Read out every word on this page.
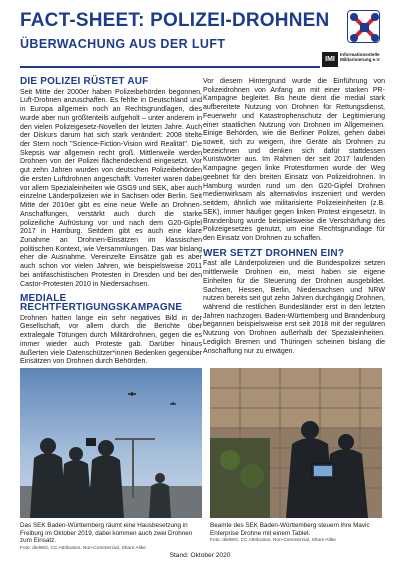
FACT-SHEET: POLIZEI-DROHNEN
ÜBERWACHUNG AUS DER LUFT
IMI
Informationsstelle
Militarisierung e.V.
DIE POLIZEI RÜSTET AUF
Seit Mitte der 2000er haben Polizeibehörden begonnen, Luft-Drohnen anzuschaffen. Es fehlte in Deutschland und in Europa allgemein noch an Rechtsgrundlagen, dies wurde aber nun größtenteils aufgeholt – unter anderem in den vielen Polizeigesetz-Novellen der letzten Jahre. Auch der Diskurs darum hat sich stark verändert: 2008 titelte der Stern noch "Science-Fiction-Vision wird Realität". Die Skepsis war allgemein recht groß. Mittlerweile werden Drohnen von der Polizei flächendeckend eingesetzt. Vor gut zehn Jahren wurden von deutschen Polizeibehörden die ersten Luftdrohnen angeschafft. Vorreiter waren dabei vor allem Spezialeinheiten wie GSG9 und SEK, aber auch einzelne Länderpolizeien wie in Sachsen oder Berlin. Seit Mitte der 2010er gibt es eine neue Welle an Drohnen-Anschaffungen, verstärkt auch durch die starke polizeiliche Aufrüstung vor und nach dem G20-Gipfel 2017 in Hamburg. Seitdem gibt es auch eine klare Zunahme an Drohnen-Einsätzen im klassischen politischen Kontext, wie Versammlungen. Das war bislang eher die Ausnahme. Vereinzelte Einsätze gab es aber auch schon vor vielen Jahren, wie beispielsweise 2011 bei antifaschistischen Protesten in Dresden und bei den Castor-Protesten 2010 in Niedersachsen.
MEDIALE RECHTFERTIGUNGSKAMPAGNE
Drohnen hatten lange ein sehr negatives Bild in der Gesellschaft, vor allem durch die Berichte über extralegale Tötungen durch Militärdrohnen, gegen die es immer wieder auch Proteste gab. Darüber hinaus äußerten viele Datenschützer*innen Bedenken gegenüber Einsätzen von Drohnen durch Behörden.
Vor diesem Hintergrund wurde die Einführung von Polizeidrohnen von Anfang an mit einer starken PR-Kampagne begleitet. Bis heute dient die medial stark aufbereitete Nutzung von Drohnen für Rettungsdienst, Feuerwehr und Katastrophenschutz der Legitimierung einer staatlichen Nutzung von Drohnen im Allgemeinen. Einige Behörden, wie die Berliner Polizei, gehen dabei soweit, sich zu weigern, ihre Geräte als Drohnen zu bezeichnen und denken sich dafür stattdessen Kunstwörter aus. Im Rahmen der seit 2017 laufenden Kampagne gegen linke Protestformen wurde der Weg geebnet für den breiten Einsatz von Polizeidrohnen. In Hamburg wurden rund um den G20-Gipfel Drohnen medienwirksam als alternativlos inszeniert und werden seitdem, ähnlich wie militarisierte Polizeieinheiten (z.B. SEK), immer häufiger gegen linken Protest eingesetzt. In Brandenburg wurde beispielsweise die Verschärfung des Polizeigesetzes genutzt, um eine Rechtsgrundlage für den Einsatz von Drohnen zu schaffen.
WER SETZT DROHNEN EIN?
Fast alle Länderpolizeien und die Bundespolizei setzen mittlerweile Drohnen ein, meist haben sie eigene Einheiten für die Steuerung der Drohnen ausgebildet. Sachsen, Hessen, Berlin, Niedersachsen und NRW nutzen bereits seit gut zehn Jahren durchgängig Drohnen, während die restlichen Bundesländer erst in den letzten Jahren nachzogen. Baden-Württemberg und Brandenburg begannen beispielsweise erst seit 2018 mit der regulären Nutzung von Drohnen außerhalb der Spezialeinheiten. Lediglich Bremen und Thüringen scheinen bislang die Anschaffung nur zu erwägen.
Das SEK Baden-Württemberg räumt eine Hausbesetzung in Freiburg im Oktober 2019, dabei kommen auch zwei Drohnen zum Einsatz.
Foto: dielWG, CC Attribution, Non-Commercial, Share Alike
Beamte des SEK Baden-Württemberg steuern ihre Mavic Enterprise Drohne mit einem Tablet.
Foto: dielWG, CC Attribution, Non-Commercial, Share Alike
Stand: Oktober 2020
